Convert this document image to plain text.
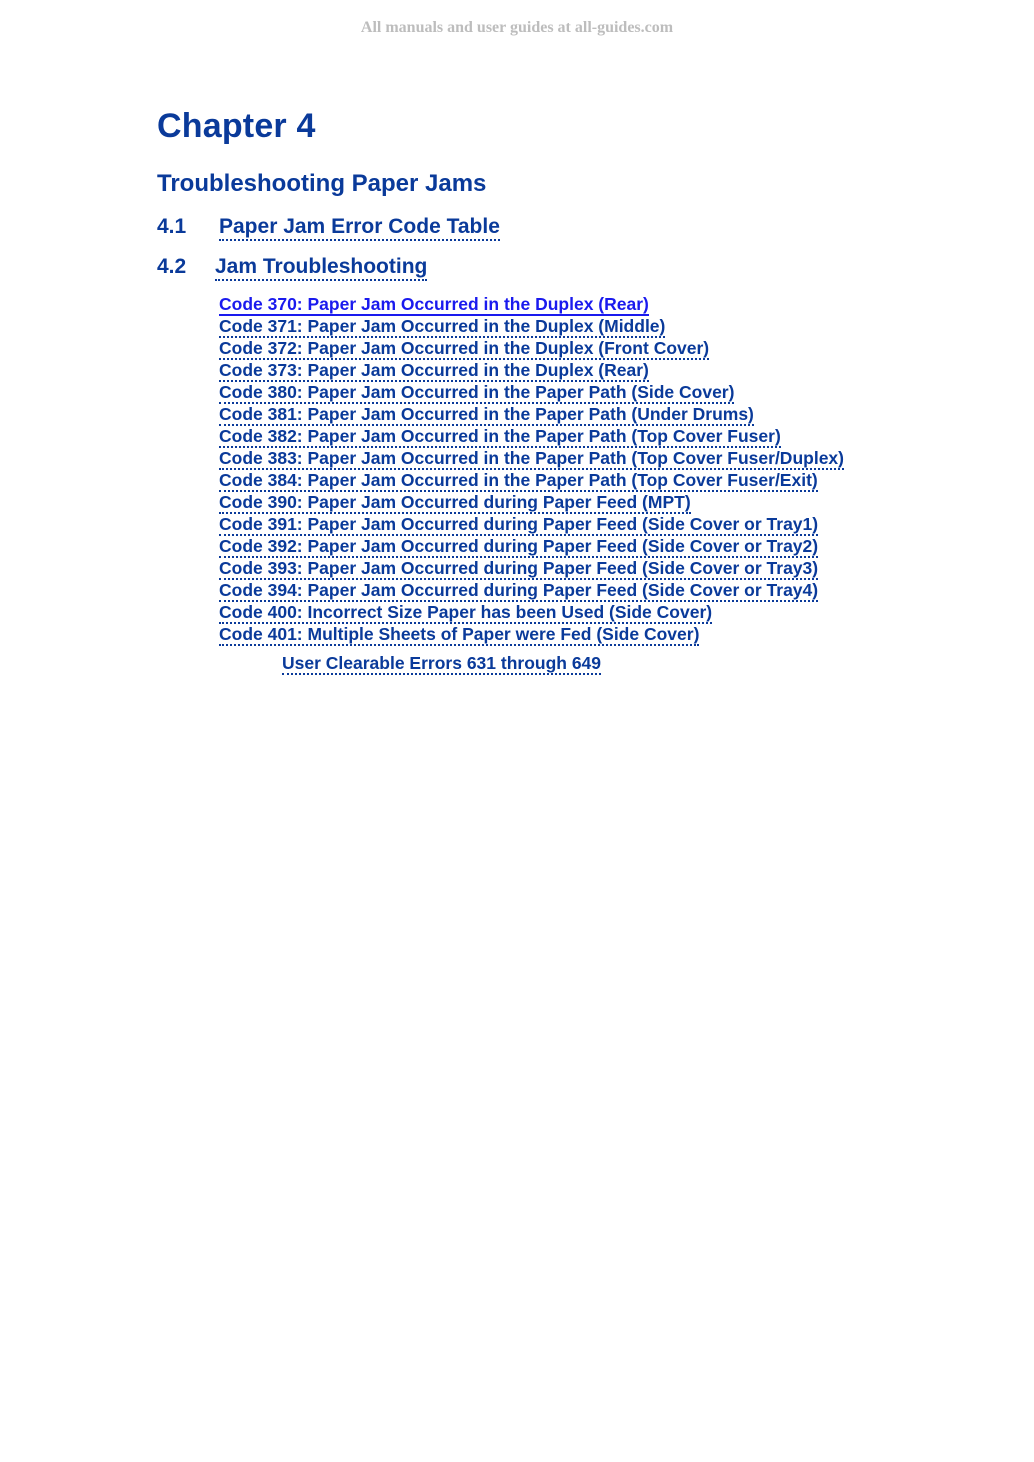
All manuals and user guides at all-guides.com
Chapter 4
Troubleshooting Paper Jams
4.1 Paper Jam Error Code Table
4.2 Jam Troubleshooting
Code 370: Paper Jam Occurred in the Duplex (Rear)
Code 371: Paper Jam Occurred in the Duplex (Middle)
Code 372: Paper Jam Occurred in the Duplex (Front Cover)
Code 373: Paper Jam Occurred in the Duplex (Rear)
Code 380: Paper Jam Occurred in the Paper Path (Side Cover)
Code 381: Paper Jam Occurred in the Paper Path (Under Drums)
Code 382: Paper Jam Occurred in the Paper Path (Top Cover Fuser)
Code 383: Paper Jam Occurred in the Paper Path (Top Cover Fuser/Duplex)
Code 384: Paper Jam Occurred in the Paper Path (Top Cover Fuser/Exit)
Code 390: Paper Jam Occurred during Paper Feed (MPT)
Code 391: Paper Jam Occurred during Paper Feed (Side Cover or Tray1)
Code 392: Paper Jam Occurred during Paper Feed (Side Cover or Tray2)
Code 393: Paper Jam Occurred during Paper Feed (Side Cover or Tray3)
Code 394: Paper Jam Occurred during Paper Feed (Side Cover or Tray4)
Code 400: Incorrect Size Paper has been Used (Side Cover)
Code 401: Multiple Sheets of Paper were Fed (Side Cover)
User Clearable Errors 631 through 649
